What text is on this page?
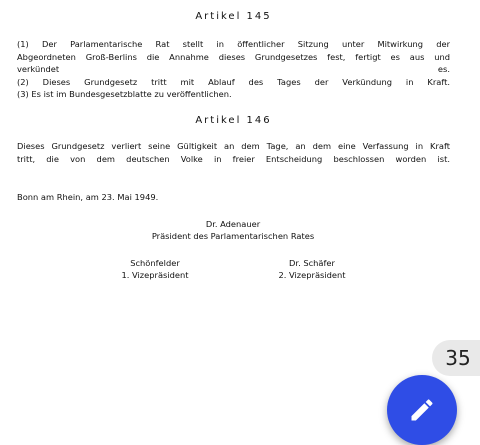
Artikel 145
(1) Der Parlamentarische Rat stellt in öffentlicher Sitzung unter Mitwirkung der
Abgeordneten Groß-Berlins die Annahme dieses Grundgesetzes fest, fertigt es aus und
verkündet	es.
(2) Dieses Grundgesetz tritt mit Ablauf des Tages der Verkündung in Kraft.
(3) Es ist im Bundesgesetzblatte zu veröffentlichen.
Artikel 146
Dieses Grundgesetz verliert seine Gültigkeit an dem Tage, an dem eine Verfassung in Kraft
tritt, die von dem deutschen Volke in freier Entscheidung beschlossen worden ist.
Bonn am Rhein, am 23. Mai 1949.
Dr. Adenauer
Präsident des Parlamentarischen Rates
Schönfelder
1. Vizepräsident
Dr. Schäfer
2. Vizepräsident
35
